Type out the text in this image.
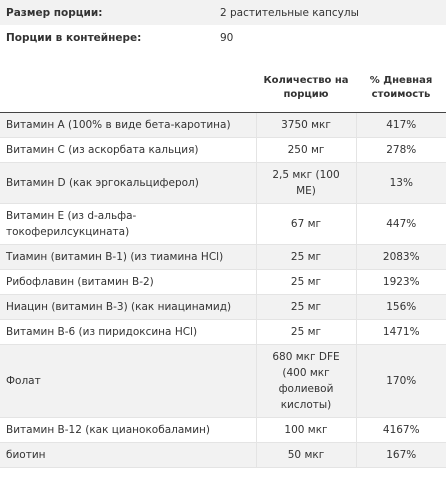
Размер порции:	2 растительные капсулы
Порции в контейнере:	90
	Количество на порцию	% Дневная стоимость
Витамин A (100% в виде бета-каротина)	3750 мкг	417%
Витамин C (из аскорбата кальция)	250 мг	278%
Витамин D (как эргокальциферол)	2,5 мкг (100 МЕ)	13%
Витамин E (из d-альфа-токоферилсукцината)	67 мг	447%
Тиамин (витамин B-1) (из тиамина HCl)	25 мг	2083%
Рибофлавин (витамин B-2)	25 мг	1923%
Ниацин (витамин B-3) (как ниацинамид)	25 мг	156%
Витамин B-6 (из пиридоксина HCl)	25 мг	1471%
Фолат	680 мкг DFE (400 мкг фолиевой кислоты)	170%
Витамин B-12 (как цианокобаламин)	100 мкг	4167%
биотин	50 мкг	167%
